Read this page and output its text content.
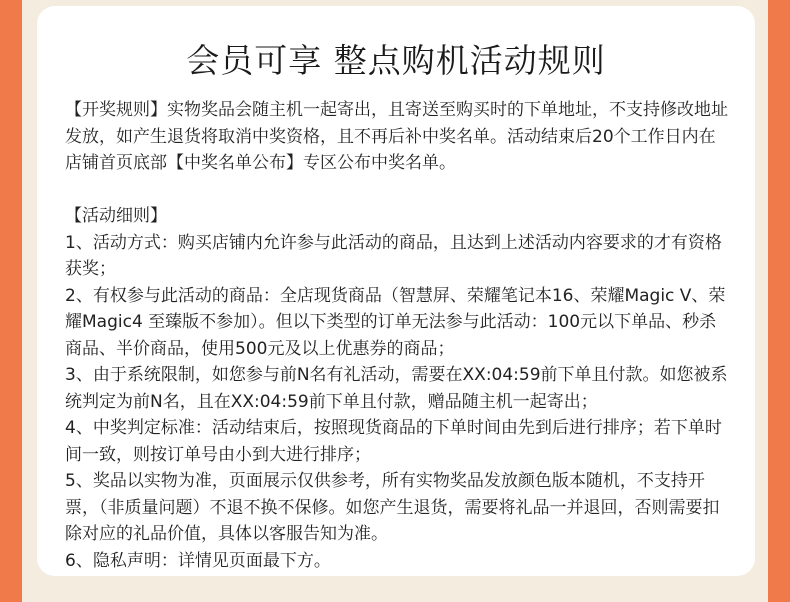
会员可享 整点购机活动规则

【开奖规则】实物奖品会随主机一起寄出，且寄送至购买时的下单地址，不支持修改地址发放，如产生退货将取消中奖资格，且不再后补中奖名单。活动结束后20个工作日内在店铺首页底部【中奖名单公布】专区公布中奖名单。

【活动细则】

1、活动方式：购买店铺内允许参与此活动的商品，且达到上述活动内容要求的才有资格获奖；

2、有权参与此活动的商品：全店现货商品（智慧屏、荣耀笔记本16、荣耀Magic V、荣耀Magic4 至臻版不参加）。但以下类型的订单无法参与此活动：100元以下单品、秒杀商品、半价商品，使用500元及以上优惠券的商品；

3、由于系统限制，如您参与前N名有礼活动，需要在XX:04:59前下单且付款。如您被系统判定为前N名，且在XX:04:59前下单且付款，赠品随主机一起寄出；

4、中奖判定标准：活动结束后，按照现货商品的下单时间由先到后进行排序；若下单时间一致，则按订单号由小到大进行排序；

5、奖品以实物为准，页面展示仅供参考，所有实物奖品发放颜色版本随机，不支持开票，（非质量问题）不退不换不保修。如您产生退货，需要将礼品一并退回，否则需要扣除对应的礼品价值，具体以客服告知为准。

6、隐私声明：详情见页面最下方。
